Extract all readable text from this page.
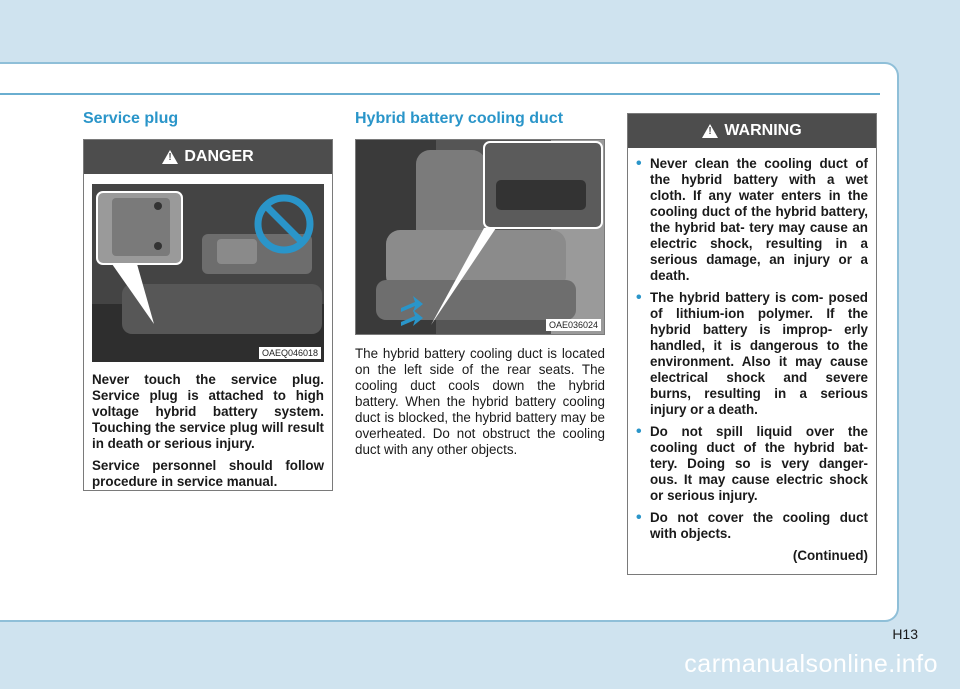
Service plug
!
DANGER
OAEQ046018

Never touch the service plug. Service plug is attached to high voltage hybrid battery system. Touching the service plug will result in death or serious injury.

Service personnel should follow procedure in service manual.

Hybrid battery cooling duct
OAE036024

The hybrid battery cooling duct is located on the left side of the rear seats. The cooling duct cools down the hybrid battery. When the hybrid battery cooling duct is blocked, the hybrid battery may be overheated. Do not obstruct the cooling duct with any other objects.

!
WARNING
• Never clean the cooling duct of the hybrid battery with a wet cloth. If any water enters in the cooling duct of the hybrid battery, the hybrid bat- tery may cause an electric shock, resulting in a serious damage, an injury or a death.
• The hybrid battery is com- posed of lithium-ion polymer. If the hybrid battery is improp- erly handled, it is dangerous to the environment. Also it may cause electrical shock and severe burns, resulting in a serious injury or a death.
• Do not spill liquid over the cooling duct of the hybrid bat- tery. Doing so is very danger- ous. It may cause electric shock or serious injury.
• Do not cover the cooling duct with objects.

(Continued)

H13
carmanualsonline.info
